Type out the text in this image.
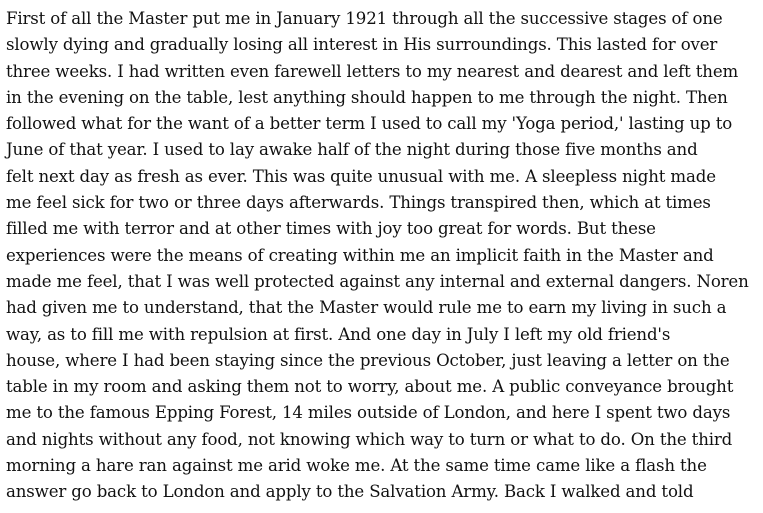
First of all the Master put me in January 1921 through all the successive stages of one
slowly dying and gradually losing all interest in His surroundings. This lasted for over
three weeks. I had written even farewell letters to my nearest and dearest and left them
in the evening on the table, lest anything should happen to me through the night. Then
followed what for the want of a better term I used to call my 'Yoga period,' lasting up to
June of that year. I used to lay awake half of the night during those five months and
felt next day as fresh as ever. This was quite unusual with me. A sleepless night made
me feel sick for two or three days afterwards. Things transpired then, which at times
filled me with terror and at other times with joy too great for words. But these
experiences were the means of creating within me an implicit faith in the Master and
made me feel, that I was well protected against any internal and external dangers. Noren
had given me to understand, that the Master would rule me to earn my living in such a
way, as to fill me with repulsion at first. And one day in July I left my old friend's
house, where I had been staying since the previous October, just leaving a letter on the
table in my room and asking them not to worry, about me. A public conveyance brought
me to the famous Epping Forest, 14 miles outside of London, and here I spent two days
and nights without any food, not knowing which way to turn or what to do. On the third
morning a hare ran against me arid woke me. At the same time came like a flash the
answer go back to London and apply to the Salvation Army. Back I walked and told
